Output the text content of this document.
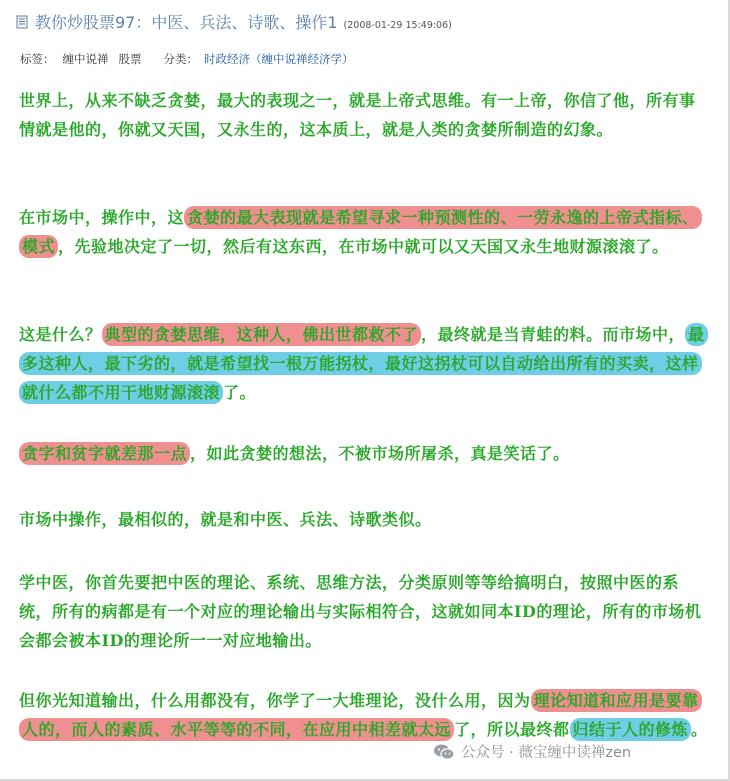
教你炒股票97：中医、兵法、诗歌、操作1 (2008-01-29 15:49:06)
标签： 缠中说禅 股票 分类： 时政经济（缠中说禅经济学）

世界上，从来不缺乏贪婪，最大的表现之一，就是上帝式思维。有一上帝，你信了他，所有事情就是他的，你就又天国，又永生的，这本质上，就是人类的贪婪所制造的幻象。

在市场中，操作中，这 贪婪的最大表现就是希望寻求一种预测性的、一劳永逸的上帝式指标、模式 ，先验地决定了一切，然后有这东西，在市场中就可以又天国又永生地财源滚滚了。

这是什么？ 典型的贪婪思维，这种人，佛出世都救不了 ，最终就是当青蛙的料。而市场中， 最多这种人，最下劣的，就是希望找一根万能拐杖，最好这拐杖可以自动给出所有的买卖，这样就什么都不用干地财源滚滚 了。

贪字和贫字就差那一点 ，如此贪婪的想法，不被市场所屠杀，真是笑话了。

市场中操作，最相似的，就是和中医、兵法、诗歌类似。

学中医，你首先要把中医的理论、系统、思维方法，分类原则等等给搞明白，按照中医的系统，所有的病都是有一个对应的理论输出与实际相符合，这就如同本ID的理论，所有的市场机会都会被本ID的理论所一一对应地输出。

但你光知道输出，什么用都没有，你学了一大堆理论，没什么用，因为 理论知道和应用是要靠人的，而人的素质、水平等等的不同，在应用中相差就太远 了，所以最终都 归结于人的修炼 。

公众号 · 薇宝缠中读禅zen
